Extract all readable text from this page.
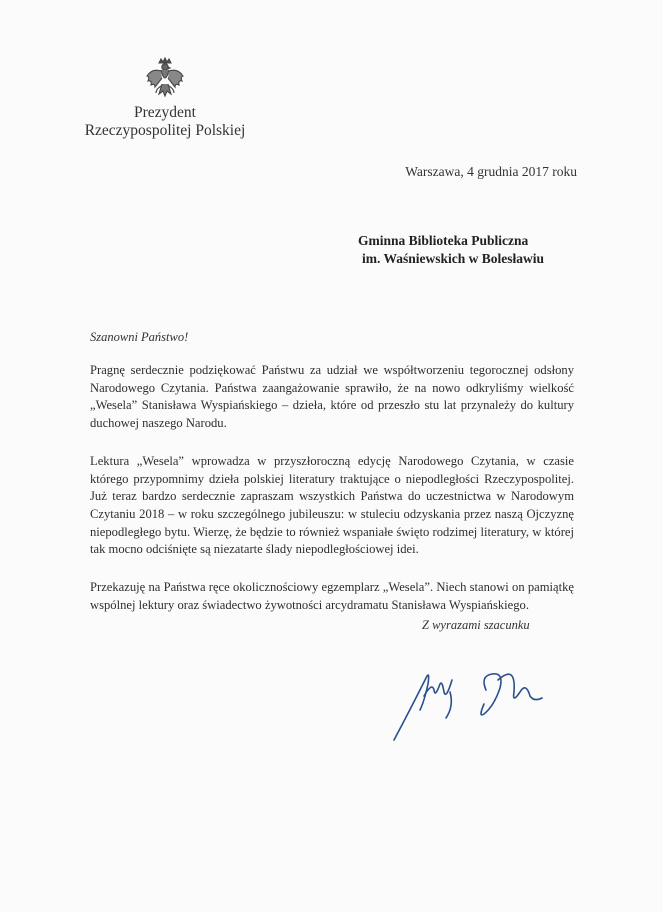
Prezydent
Rzeczypospolitej Polskiej
Warszawa, 4 grudnia 2017 roku
Gminna Biblioteka Publiczna
im. Waśniewskich w Bolesławiu
Szanowni Państwo!

Pragnę serdecznie podziękować Państwu za udział we współtworzeniu tegorocznej odsłony Narodowego Czytania. Państwa zaangażowanie sprawiło, że na nowo odkryliśmy wielkość „Wesela” Stanisława Wyspiańskiego – dzieła, które od przeszło stu lat przynależy do kultury duchowej naszego Narodu.

Lektura „Wesela” wprowadza w przyszłoroczną edycję Narodowego Czytania, w czasie którego przypomnimy dzieła polskiej literatury traktujące o niepodległości Rzeczypospolitej. Już teraz bardzo serdecznie zapraszam wszystkich Państwa do uczestnictwa w Narodowym Czytaniu 2018 – w roku szczególnego jubileuszu: w stuleciu odzyskania przez naszą Ojczyznę niepodległego bytu. Wierzę, że będzie to również wspaniałe święto rodzimej literatury, w której tak mocno odciśnięte są niezatarte ślady niepodległościowej idei.

Przekazuję na Państwa ręce okolicznościowy egzemplarz „Wesela”. Niech stanowi on pamiątkę wspólnej lektury oraz świadectwo żywotności arcydramatu Stanisława Wyspiańskiego.

Z wyrazami szacunku
